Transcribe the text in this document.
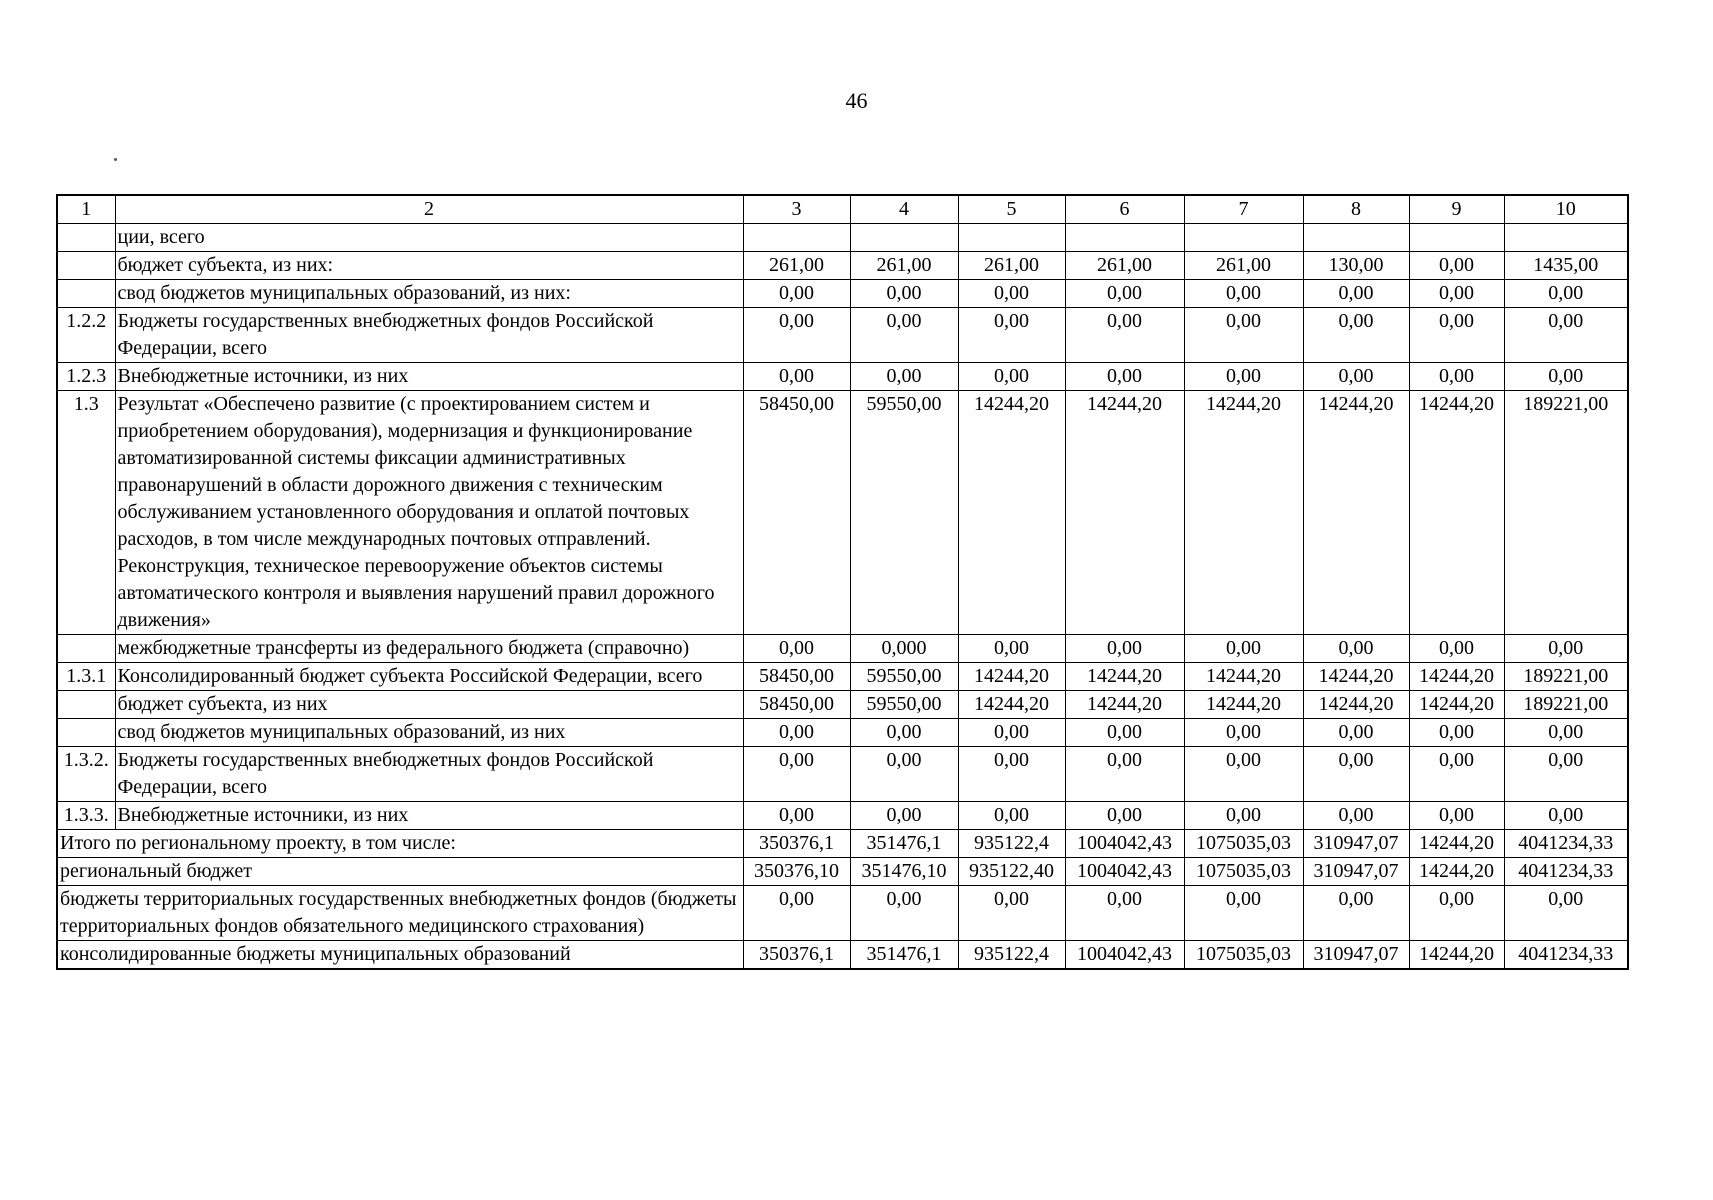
46
1	2	3	4	5	6	7	8	9	10
	ции, всего								
	бюджет субъекта, из них:	261,00	261,00	261,00	261,00	261,00	130,00	0,00	1435,00
	свод бюджетов муниципальных образований, из них:	0,00	0,00	0,00	0,00	0,00	0,00	0,00	0,00
1.2.2	Бюджеты государственных внебюджетных фондов Российской Федерации, всего	0,00	0,00	0,00	0,00	0,00	0,00	0,00	0,00
1.2.3	Внебюджетные источники, из них	0,00	0,00	0,00	0,00	0,00	0,00	0,00	0,00
1.3	Результат «Обеспечено развитие (с проектированием систем и приобретением оборудования), модернизация и функционирование автоматизированной системы фиксации административных правонарушений в области дорожного движения с техническим обслуживанием установленного оборудования и оплатой почтовых расходов, в том числе международных почтовых отправлений. Реконструкция, техническое перевооружение объектов системы автоматического контроля и выявления нарушений правил дорожного движения»	58450,00	59550,00	14244,20	14244,20	14244,20	14244,20	14244,20	189221,00
	межбюджетные трансферты из федерального бюджета (справочно)	0,00	0,000	0,00	0,00	0,00	0,00	0,00	0,00
1.3.1	Консолидированный бюджет субъекта Российской Федерации, всего	58450,00	59550,00	14244,20	14244,20	14244,20	14244,20	14244,20	189221,00
	бюджет субъекта, из них	58450,00	59550,00	14244,20	14244,20	14244,20	14244,20	14244,20	189221,00
	свод бюджетов муниципальных образований, из них	0,00	0,00	0,00	0,00	0,00	0,00	0,00	0,00
1.3.2.	Бюджеты государственных внебюджетных фондов Российской Федерации, всего	0,00	0,00	0,00	0,00	0,00	0,00	0,00	0,00
1.3.3.	Внебюджетные источники, из них	0,00	0,00	0,00	0,00	0,00	0,00	0,00	0,00
Итого по региональному проекту, в том числе:		350376,1	351476,1	935122,4	1004042,43	1075035,03	310947,07	14244,20	4041234,33
региональный бюджет		350376,10	351476,10	935122,40	1004042,43	1075035,03	310947,07	14244,20	4041234,33
бюджеты территориальных государственных внебюджетных фондов (бюджеты территориальных фондов обязательного медицинского страхования)		0,00	0,00	0,00	0,00	0,00	0,00	0,00	0,00
консолидированные бюджеты муниципальных образований		350376,1	351476,1	935122,4	1004042,43	1075035,03	310947,07	14244,20	4041234,33
